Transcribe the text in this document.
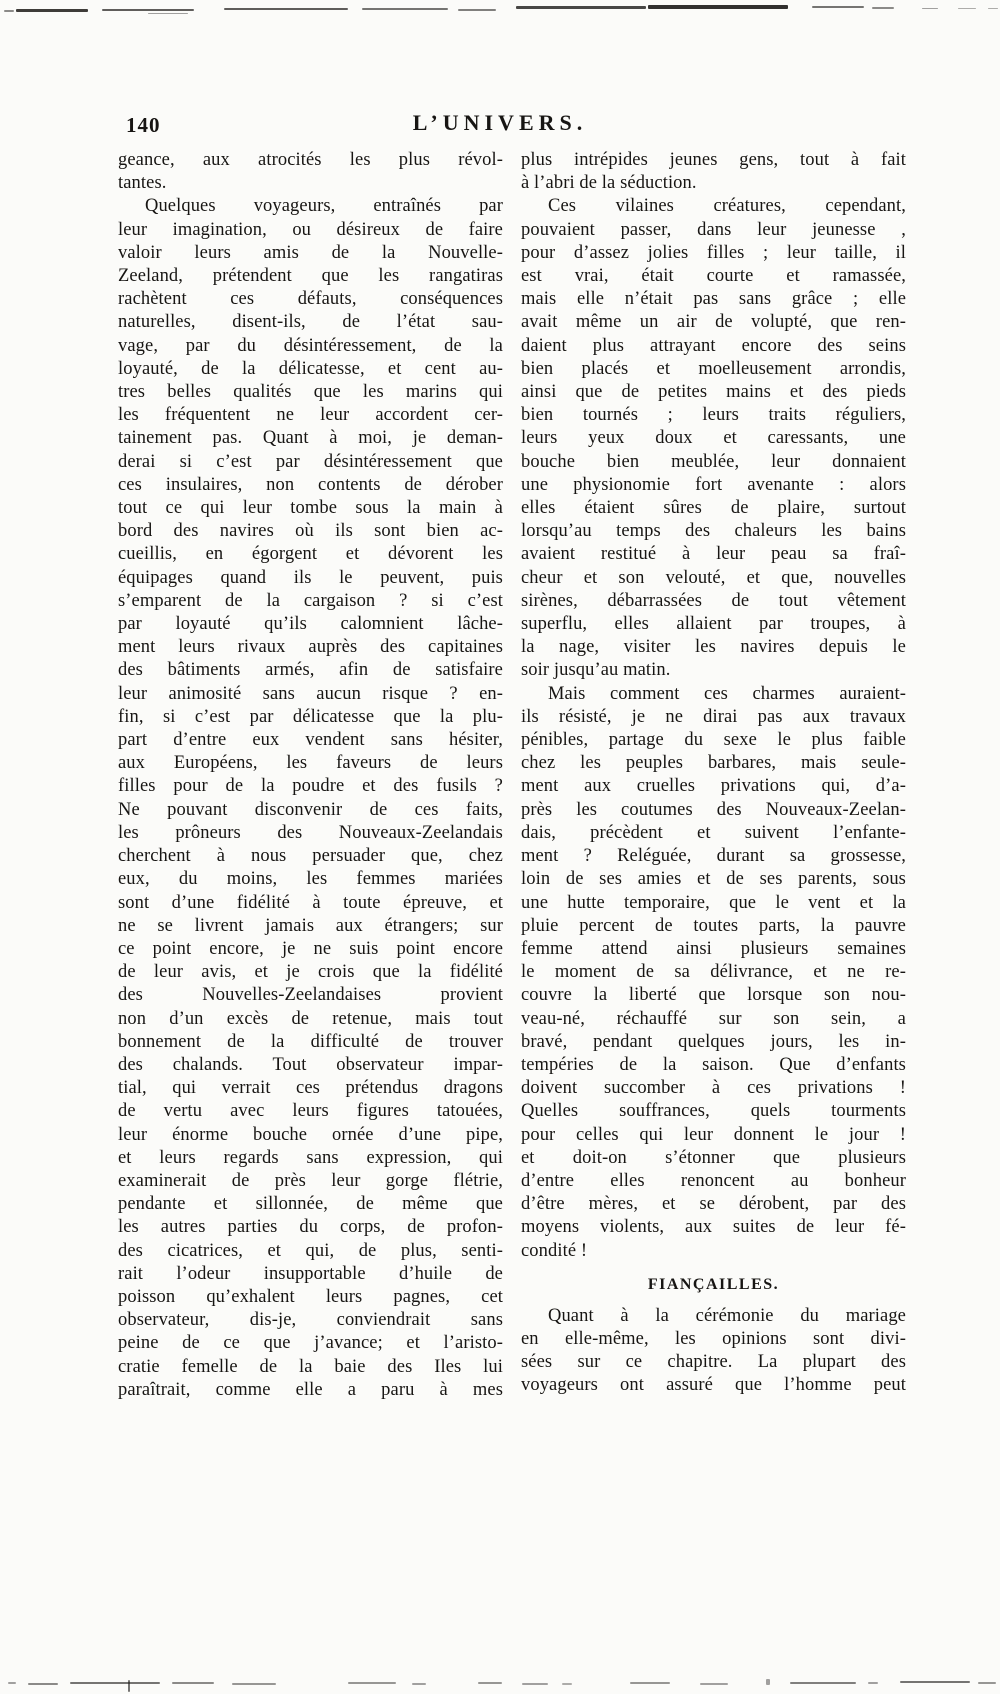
140	L’UNIVERS.
geance, aux atrocités les plus révol-
tantes.
Quelques voyageurs, entraînés par
leur imagination, ou désireux de faire
valoir leurs amis de la Nouvelle-
Zeeland, prétendent que les rangatiras
rachètent ces défauts, conséquences
naturelles, disent-ils, de l’état sau-
vage, par du désintéressement, de la
loyauté, de la délicatesse, et cent au-
tres belles qualités que les marins qui
les fréquentent ne leur accordent cer-
tainement pas. Quant à moi, je deman-
derai si c’est par désintéressement que
ces insulaires, non contents de dérober
tout ce qui leur tombe sous la main à
bord des navires où ils sont bien ac-
cueillis, en égorgent et dévorent les
équipages quand ils le peuvent, puis
s’emparent de la cargaison ? si c’est
par loyauté qu’ils calomnient lâche-
ment leurs rivaux auprès des capitaines
des bâtiments armés, afin de satisfaire
leur animosité sans aucun risque ? en-
fin, si c’est par délicatesse que la plu-
part d’entre eux vendent sans hésiter,
aux Européens, les faveurs de leurs
filles pour de la poudre et des fusils ?
Ne pouvant disconvenir de ces faits,
les prôneurs des Nouveaux-Zeelandais
cherchent à nous persuader que, chez
eux, du moins, les femmes mariées
sont d’une fidélité à toute épreuve, et
ne se livrent jamais aux étrangers; sur
ce point encore, je ne suis point encore
de leur avis, et je crois que la fidélité
des Nouvelles-Zeelandaises provient
non d’un excès de retenue, mais tout
bonnement de la difficulté de trouver
des chalands. Tout observateur impar-
tial, qui verrait ces prétendus dragons
de vertu avec leurs figures tatouées,
leur énorme bouche ornée d’une pipe,
et leurs regards sans expression, qui
examinerait de près leur gorge flétrie,
pendante et sillonnée, de même que
les autres parties du corps, de profon-
des cicatrices, et qui, de plus, senti-
rait l’odeur insupportable d’huile de
poisson qu’exhalent leurs pagnes, cet
observateur, dis-je, conviendrait sans
peine de ce que j’avance; et l’aristo-
cratie femelle de la baie des Iles lui
paraîtrait, comme elle a paru à mes
plus intrépides jeunes gens, tout à fait
à l’abri de la séduction.
Ces vilaines créatures, cependant,
pouvaient passer, dans leur jeunesse ,
pour d’assez jolies filles ; leur taille, il
est vrai, était courte et ramassée,
mais elle n’était pas sans grâce ; elle
avait même un air de volupté, que ren-
daient plus attrayant encore des seins
bien placés et moelleusement arrondis,
ainsi que de petites mains et des pieds
bien tournés ; leurs traits réguliers,
leurs yeux doux et caressants, une
bouche bien meublée, leur donnaient
une physionomie fort avenante : alors
elles étaient sûres de plaire, surtout
lorsqu’au temps des chaleurs les bains
avaient restitué à leur peau sa fraî-
cheur et son velouté, et que, nouvelles
sirènes, débarrassées de tout vêtement
superflu, elles allaient par troupes, à
la nage, visiter les navires depuis le
soir jusqu’au matin.
Mais comment ces charmes auraient-
ils résisté, je ne dirai pas aux travaux
pénibles, partage du sexe le plus faible
chez les peuples barbares, mais seule-
ment aux cruelles privations qui, d’a-
près les coutumes des Nouveaux-Zeelan-
dais, précèdent et suivent l’enfante-
ment ? Reléguée, durant sa grossesse,
loin de ses amies et de ses parents, sous
une hutte temporaire, que le vent et la
pluie percent de toutes parts, la pauvre
femme attend ainsi plusieurs semaines
le moment de sa délivrance, et ne re-
couvre la liberté que lorsque son nou-
veau-né, réchauffé sur son sein, a
bravé, pendant quelques jours, les in-
tempéries de la saison. Que d’enfants
doivent succomber à ces privations !
Quelles souffrances, quels tourments
pour celles qui leur donnent le jour !
et doit-on s’étonner que plusieurs
d’entre elles renoncent au bonheur
d’être mères, et se dérobent, par des
moyens violents, aux suites de leur fé-
condité !
FIANÇAILLES.
Quant à la cérémonie du mariage
en elle-même, les opinions sont divi-
sées sur ce chapitre. La plupart des
voyageurs ont assuré que l’homme peut
